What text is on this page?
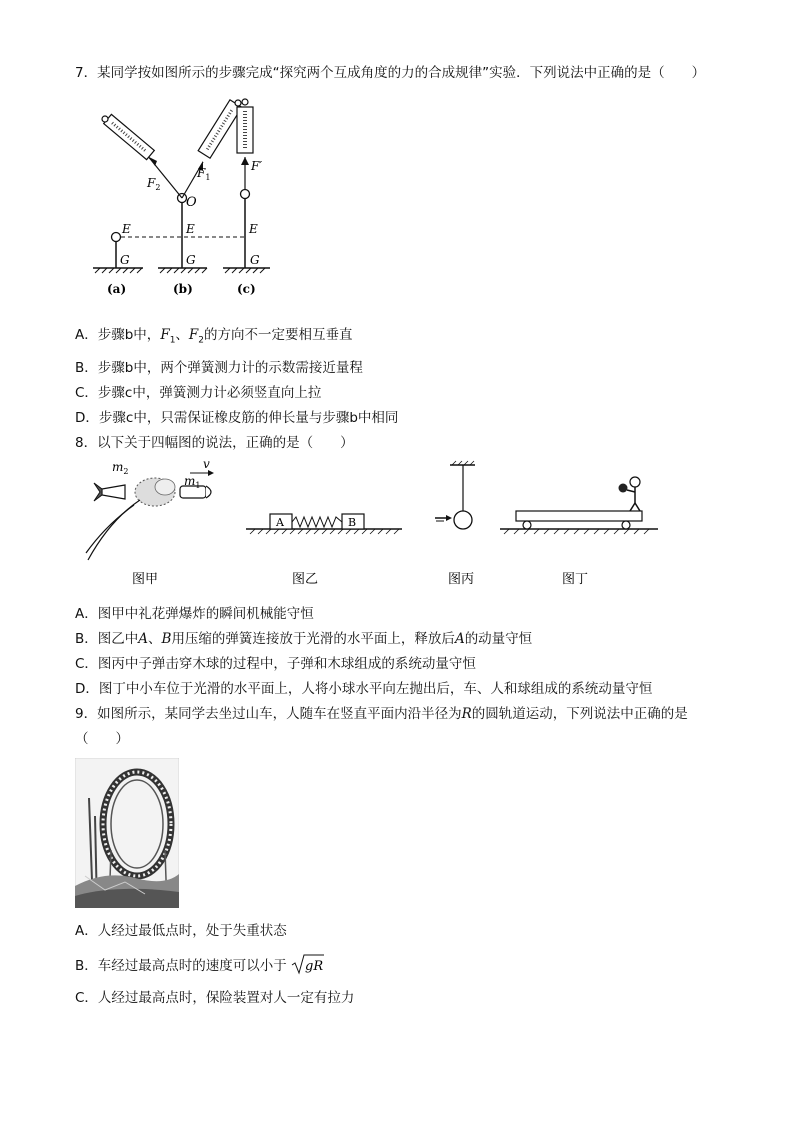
7．某同学按如图所示的步骤完成“探究两个互成角度的力的合成规律”实验．下列说法中正确的是（　　）
$F_2$
$F_1$
O
F′
E	E	E
G	G	G
(a)	(b)	(c)
A．步骤b中，$F_1$、$F_2$的方向不一定要相互垂直
B．步骤b中，两个弹簧测力计的示数需接近量程
C．步骤c中，弹簧测力计必须竖直向上拉
D．步骤c中，只需保证橡皮筋的伸长量与步骤b中相同
8．以下关于四幅图的说法，正确的是（　　）
$m_2$
$m_1$
v
A	B
图甲	图乙	图丙	图丁
A．图甲中礼花弹爆炸的瞬间机械能守恒
B．图乙中A、B用压缩的弹簧连接放于光滑的水平面上，释放后A的动量守恒
C．图丙中子弹击穿木球的过程中，子弹和木球组成的系统动量守恒
D．图丁中小车位于光滑的水平面上，人将小球水平向左抛出后，车、人和球组成的系统动量守恒
9．如图所示，某同学去坐过山车，人随车在竖直平面内沿半径为R的圆轨道运动，下列说法中正确的是
（　　）
A．人经过最低点时，处于失重状态
B．车经过最高点时的速度可以小于 gR
C．人经过最高点时，保险装置对人一定有拉力
